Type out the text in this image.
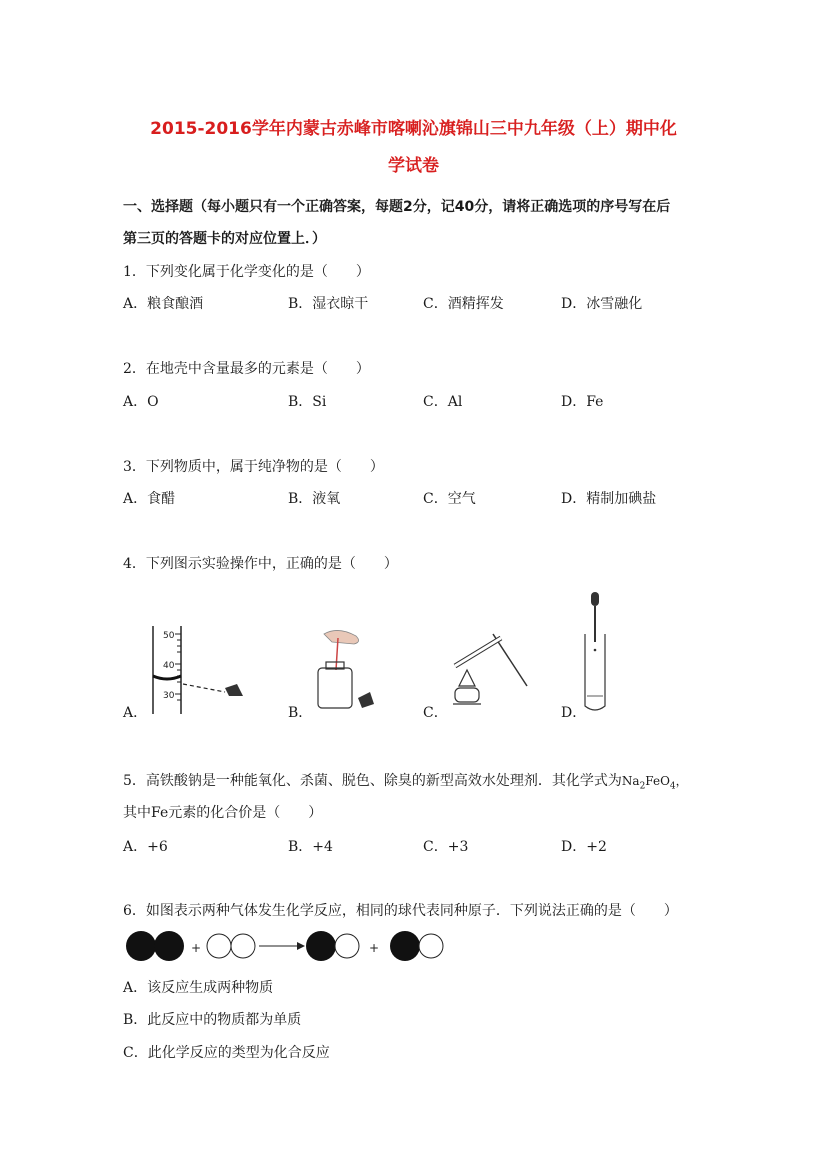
2015-2016学年内蒙古赤峰市喀喇沁旗锦山三中九年级（上）期中化
学试卷
一、选择题（每小题只有一个正确答案，每题2分，记40分，请将正确选项的序号写在后
第三页的答题卡的对应位置上．）
1．下列变化属于化学变化的是（　　）
A．粮食酿酒	B．湿衣晾干	C．酒精挥发	D．冰雪融化
2．在地壳中含量最多的元素是（　　）
A．O	B．Si	C．Al	D．Fe
3．下列物质中，属于纯净物的是（　　）
A．食醋	B．液氧	C．空气	D．精制加碘盐
4．下列图示实验操作中，正确的是（　　）
50
40
30
A．	B．	C．	D．
5．高铁酸钠是一种能氧化、杀菌、脱色、除臭的新型高效水处理剂．其化学式为$Na_2FeO_4$，
其中Fe元素的化合价是（　　）
A．+6	B．+4	C．+3	D．+2
6．如图表示两种气体发生化学反应，相同的球代表同种原子．下列说法正确的是（　　）
+	+
A．该反应生成两种物质
B．此反应中的物质都为单质
C．此化学反应的类型为化合反应
